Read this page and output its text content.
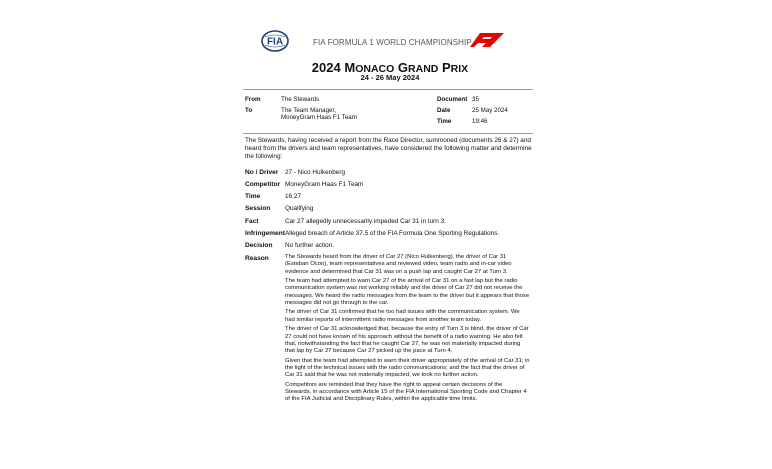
FIA	FIA FORMULA 1 WORLD CHAMPIONSHIP
2024 MONACO GRAND PRIX
24 - 26 May 2024
From	The Stewards
To	The Team Manager,
MoneyGram Haas F1 Team
Document 35
Date	25 May 2024
Time	19:46
The Stewards, having received a report from the Race Director, summoned (documents 26 & 27) and heard from the drivers and team representatives, have considered the following matter and determine the following:
No / Driver 27 - Nico Hulkenberg
Competitor MoneyGram Haas F1 Team
Time	16:27
Session Qualifying
Fact	Car 27 allegedly unnecessarily impeded Car 31 in turn 3.
Infringement Alleged breach of Article 37.5 of the FIA Formula One Sporting Regulations.
Decision No further action.
Reason	The Stewards heard from the driver of Car 27 (Nico Hulkenberg), the driver of Car 31 (Esteban Ocon), team representatives and reviewed video, team radio and in-car video evidence and determined that Car 31 was on a push lap and caught Car 27 at Turn 3.

The team had attempted to warn Car 27 of the arrival of Car 31 on a fast lap but the radio communication system was not working reliably and the driver of Car 27 did not receive the messages. We heard the radio messages from the team to the driver but it appears that those messages did not go through to the car.

The driver of Car 31 confirmed that he too had issues with the communication system. We had similar reports of intermittent radio messages from another team today.

The driver of Car 31 acknowledged that, because the entry of Turn 3 is blind, the driver of Car 27 could not have known of his approach without the benefit of a radio warning. He also felt that, notwithstanding the fact that he caught Car 27, he was not materially impacted during that lap by Car 27 because Car 27 picked up the pace at Turn 4.

Given that the team had attempted to warn their driver appropriately of the arrival of Car 31; in the light of the technical issues with the radio communications; and the fact that the driver of Car 31 said that he was not materially impacted, we took no further action.

Competitors are reminded that they have the right to appeal certain decisions of the Stewards, in accordance with Article 15 of the FIA International Sporting Code and Chapter 4 of the FIA Judicial and Disciplinary Rules, within the applicable time limits.
